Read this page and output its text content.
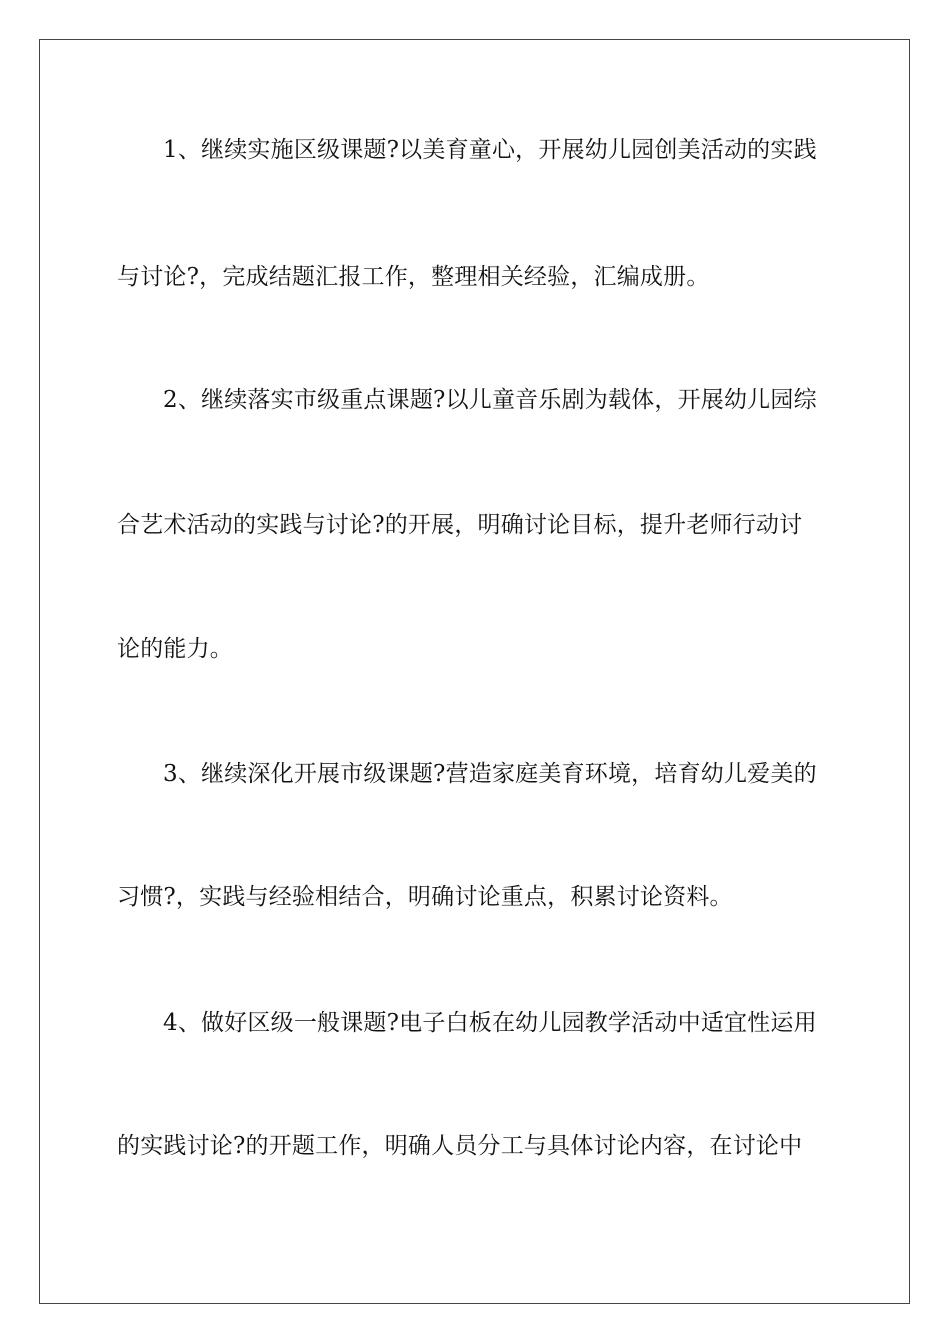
1、继续实施区级课题?以美育童心，开展幼儿园创美活动的实践
与讨论?，完成结题汇报工作，整理相关经验，汇编成册。
2、继续落实市级重点课题?以儿童音乐剧为载体，开展幼儿园综
合艺术活动的实践与讨论?的开展，明确讨论目标，提升老师行动讨
论的能力。
3、继续深化开展市级课题?营造家庭美育环境，培育幼儿爱美的
习惯?，实践与经验相结合，明确讨论重点，积累讨论资料。
4、做好区级一般课题?电子白板在幼儿园教学活动中适宜性运用
的实践讨论?的开题工作，明确人员分工与具体讨论内容，在讨论中
